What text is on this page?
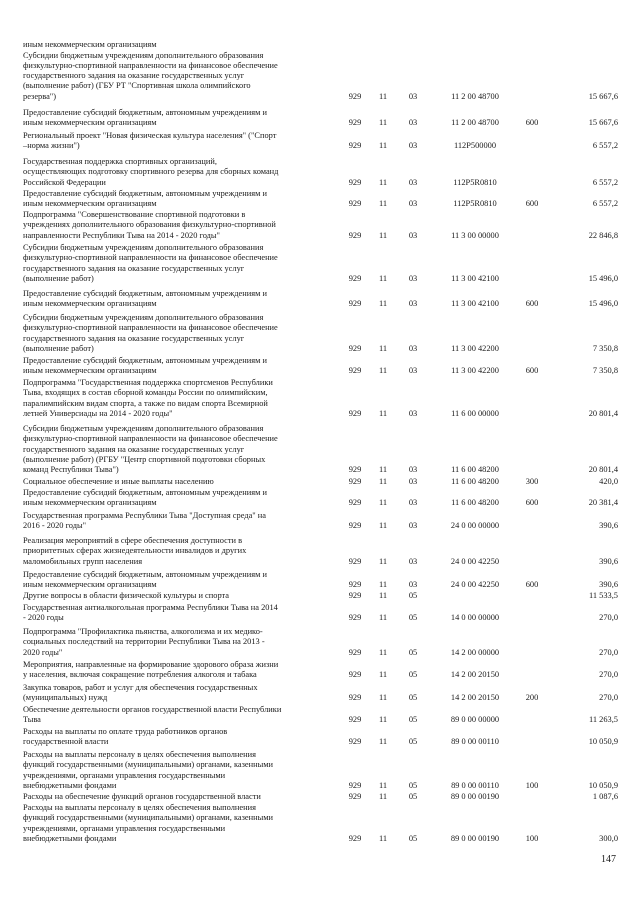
иным некоммерческим организациям
Субсидии бюджетным учреждениям дополнительного образования
физкультурно-спортивной направленности на финансовое обеспечение
государственного задания на оказание государственных услуг
(выполнение работ) (ГБУ РТ "Спортивная школа олимпийского
резерва")	929	11	03	11 2 00 48700	15 667,6
Предоставление субсидий бюджетным, автономным учреждениям и
иным некоммерческим организациям	929	11	03	11 2 00 48700	600	15 667,6
Региональный проект "Новая физическая культура населения" ("Спорт
–норма жизни")	929	11	03	112P500000	6 557,2
Государственная поддержка спортивных организаций,
осуществляющих подготовку спортивного резерва для сборных команд
Российской Федерации	929	11	03	112P5R0810	6 557,2
Предоставление субсидий бюджетным, автономным учреждениям и
иным некоммерческим организациям	929	11	03	112P5R0810	600	6 557,2
Подпрограмма "Совершенствование спортивной подготовки в
учреждениях дополнительного образования физкультурно-спортивной
направленности Республики Тыва на 2014 - 2020 годы"	929	11	03	11 3 00 00000	22 846,8
Субсидии бюджетным учреждениям дополнительного образования
физкультурно-спортивной направленности на финансовое обеспечение
государственного задания на оказание государственных услуг
(выполнение работ)	929	11	03	11 3 00 42100	15 496,0
Предоставление субсидий бюджетным, автономным учреждениям и
иным некоммерческим организациям	929	11	03	11 3 00 42100	600	15 496,0
Субсидии бюджетным учреждениям дополнительного образования
физкультурно-спортивной направленности на финансовое обеспечение
государственного задания на оказание государственных услуг
(выполнение работ)	929	11	03	11 3 00 42200	7 350,8
Предоставление субсидий бюджетным, автономным учреждениям и
иным некоммерческим организациям	929	11	03	11 3 00 42200	600	7 350,8
Подпрограмма "Государственная поддержка спортсменов Республики
Тыва, входящих в состав сборной команды России по олимпийским,
паралимпийским видам спорта, а также по видам спорта Всемирной
летней Универсиады на 2014 - 2020 годы"	929	11	03	11 6 00 00000	20 801,4
Субсидии бюджетным учреждениям дополнительного образования
физкультурно-спортивной направленности на финансовое обеспечение
государственного задания на оказание государственных услуг
(выполнение работ) (РГБУ "Центр спортивной подготовки сборных
команд Республики Тыва")	929	11	03	11 6 00 48200	20 801,4
Социальное обеспечение и иные выплаты населению	929	11	03	11 6 00 48200	300	420,0
Предоставление субсидий бюджетным, автономным учреждениям и
иным некоммерческим организациям	929	11	03	11 6 00 48200	600	20 381,4
Государственная программа Республики Тыва "Доступная среда" на
2016 - 2020 годы"	929	11	03	24 0 00 00000	390,6
Реализация мероприятий в сфере обеспечения доступности в
приоритетных сферах жизнедеятельности инвалидов и других
маломобильных групп населения	929	11	03	24 0 00 42250	390,6
Предоставление субсидий бюджетным, автономным учреждениям и
иным некоммерческим организациям	929	11	03	24 0 00 42250	600	390,6
Другие вопросы в области физической культуры и спорта	929	11	05	11 533,5
Государственная антиалкогольная программа Республики Тыва на 2014
- 2020 годы	929	11	05	14 0 00 00000	270,0
Подпрограмма "Профилактика пьянства, алкоголизма и их медико-
социальных последствий на территории Республики Тыва на 2013 -
2020 годы"	929	11	05	14 2 00 00000	270,0
Мероприятия, направленные на формирование здорового образа жизни
у населения, включая сокращение потребления алкоголя и табака	929	11	05	14 2 00 20150	270,0
Закупка товаров, работ и услуг для обеспечения государственных
(муниципальных) нужд	929	11	05	14 2 00 20150	200	270,0
Обеспечение деятельности органов государственной власти Республики
Тыва	929	11	05	89 0 00 00000	11 263,5
Расходы на выплаты по оплате труда работников органов
государственной власти	929	11	05	89 0 00 00110	10 050,9
Расходы на выплаты персоналу в целях обеспечения выполнения
функций государственными (муниципальными) органами, казенными
учреждениями, органами управления государственными
внебюджетными фондами	929	11	05	89 0 00 00110	100	10 050,9
Расходы на обеспечение функций органов государственной власти	929	11	05	89 0 00 00190	1 087,6
Расходы на выплаты персоналу в целях обеспечения выполнения
функций государственными (муниципальными) органами, казенными
учреждениями, органами управления государственными
внебюджетными фондами	929	11	05	89 0 00 00190	100	300,0
147
